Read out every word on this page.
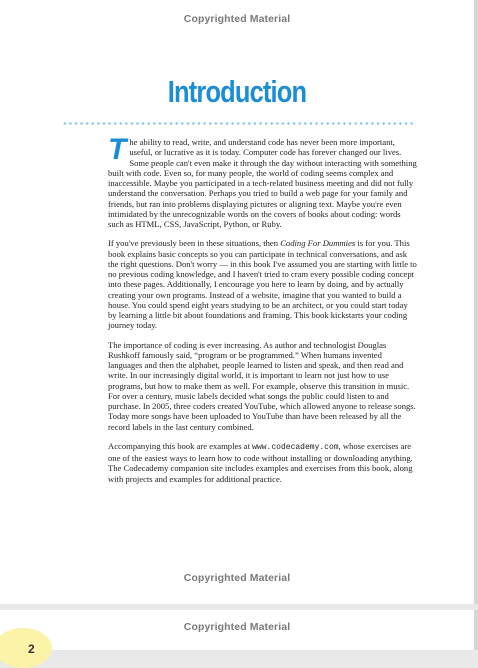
Copyrighted Material
Introduction

The ability to read, write, and understand code has never been more important, useful, or lucrative as it is today. Computer code has forever changed our lives. Some people can't even make it through the day without interacting with something built with code. Even so, for many people, the world of coding seems complex and inaccessible. Maybe you participated in a tech-related business meeting and did not fully understand the conversation. Perhaps you tried to build a web page for your family and friends, but ran into problems displaying pictures or aligning text. Maybe you're even intimidated by the unrecognizable words on the covers of books about coding: words such as HTML, CSS, JavaScript, Python, or Ruby.

If you've previously been in these situations, then Coding For Dummies is for you. This book explains basic concepts so you can participate in technical conversations, and ask the right questions. Don't worry — in this book I've assumed you are starting with little to no previous coding knowledge, and I haven't tried to cram every possible coding concept into these pages. Additionally, I encourage you here to learn by doing, and by actually creating your own programs. Instead of a website, imagine that you wanted to build a house. You could spend eight years studying to be an architect, or you could start today by learning a little bit about foundations and framing. This book kickstarts your coding journey today.

The importance of coding is ever increasing. As author and technologist Douglas Rushkoff famously said, “program or be programmed.” When humans invented languages and then the alphabet, people learned to listen and speak, and then read and write. In our increasingly digital world, it is important to learn not just how to use programs, but how to make them as well. For example, observe this transition in music. For over a century, music labels decided what songs the public could listen to and purchase. In 2005, three coders created YouTube, which allowed anyone to release songs. Today more songs have been uploaded to YouTube than have been released by all the record labels in the last century combined.

Accompanying this book are examples at www.codecademy.com, whose exercises are one of the easiest ways to learn how to code without installing or downloading anything. The Codecademy companion site includes examples and exercises from this book, along with projects and examples for additional practice.

Copyrighted Material
Copyrighted Material
2
